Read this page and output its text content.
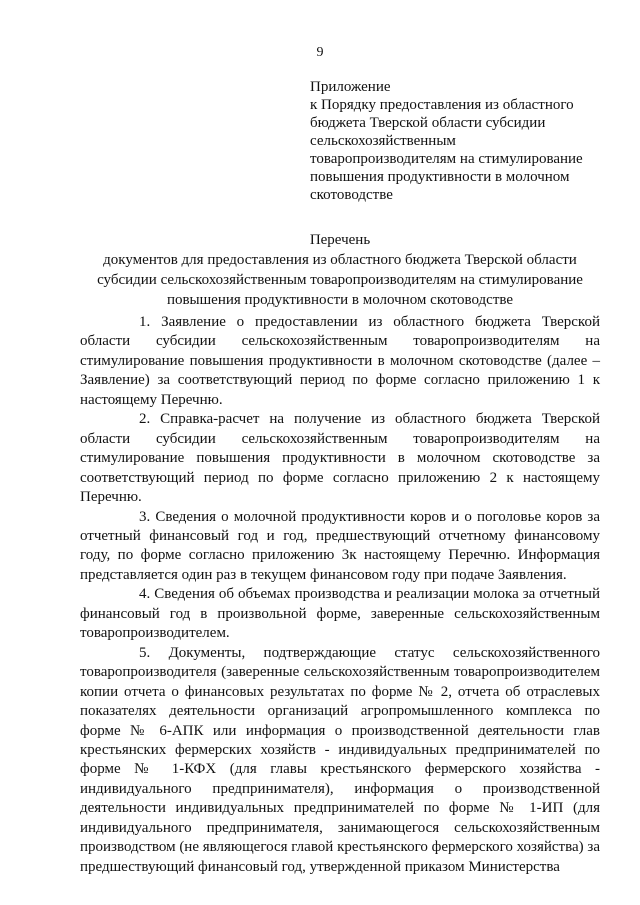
9
Приложение
к Порядку предоставления из областного бюджета Тверской области субсидии сельскохозяйственным товаропроизводителям на стимулирование повышения продуктивности в молочном скотоводстве
Перечень
документов для предоставления из областного бюджета Тверской области субсидии сельскохозяйственным товаропроизводителям на стимулирование повышения продуктивности в молочном скотоводстве

1. Заявление о предоставлении из областного бюджета Тверской области субсидии сельскохозяйственным товаропроизводителям на стимулирование повышения продуктивности в молочном скотоводстве (далее – Заявление) за соответствующий период по форме согласно приложению 1 к настоящему Перечню.

2. Справка-расчет на получение из областного бюджета Тверской области субсидии сельскохозяйственным товаропроизводителям на стимулирование повышения продуктивности в молочном скотоводстве за соответствующий период по форме согласно приложению 2 к настоящему Перечню.

3. Сведения о молочной продуктивности коров и о поголовье коров за отчетный финансовый год и год, предшествующий отчетному финансовому году, по форме согласно приложению 3к настоящему Перечню. Информация представляется один раз в текущем финансовом году при подаче Заявления.

4. Сведения об объемах производства и реализации молока за отчетный финансовый год в произвольной форме, заверенные сельскохозяйственным товаропроизводителем.

5. Документы, подтверждающие статус сельскохозяйственного товаропроизводителя (заверенные сельскохозяйственным товаропроизводителем копии отчета о финансовых результатах по форме № 2, отчета об отраслевых показателях деятельности организаций агропромышленного комплекса по форме № 6-АПК или информация о производственной деятельности глав крестьянских фермерских хозяйств - индивидуальных предпринимателей по форме № 1-КФХ (для главы крестьянского фермерского хозяйства - индивидуального предпринимателя), информация о производственной деятельности индивидуальных предпринимателей по форме № 1-ИП (для индивидуального предпринимателя, занимающегося сельскохозяйственным производством (не являющегося главой крестьянского фермерского хозяйства) за предшествующий финансовый год, утвержденной приказом Министерства
